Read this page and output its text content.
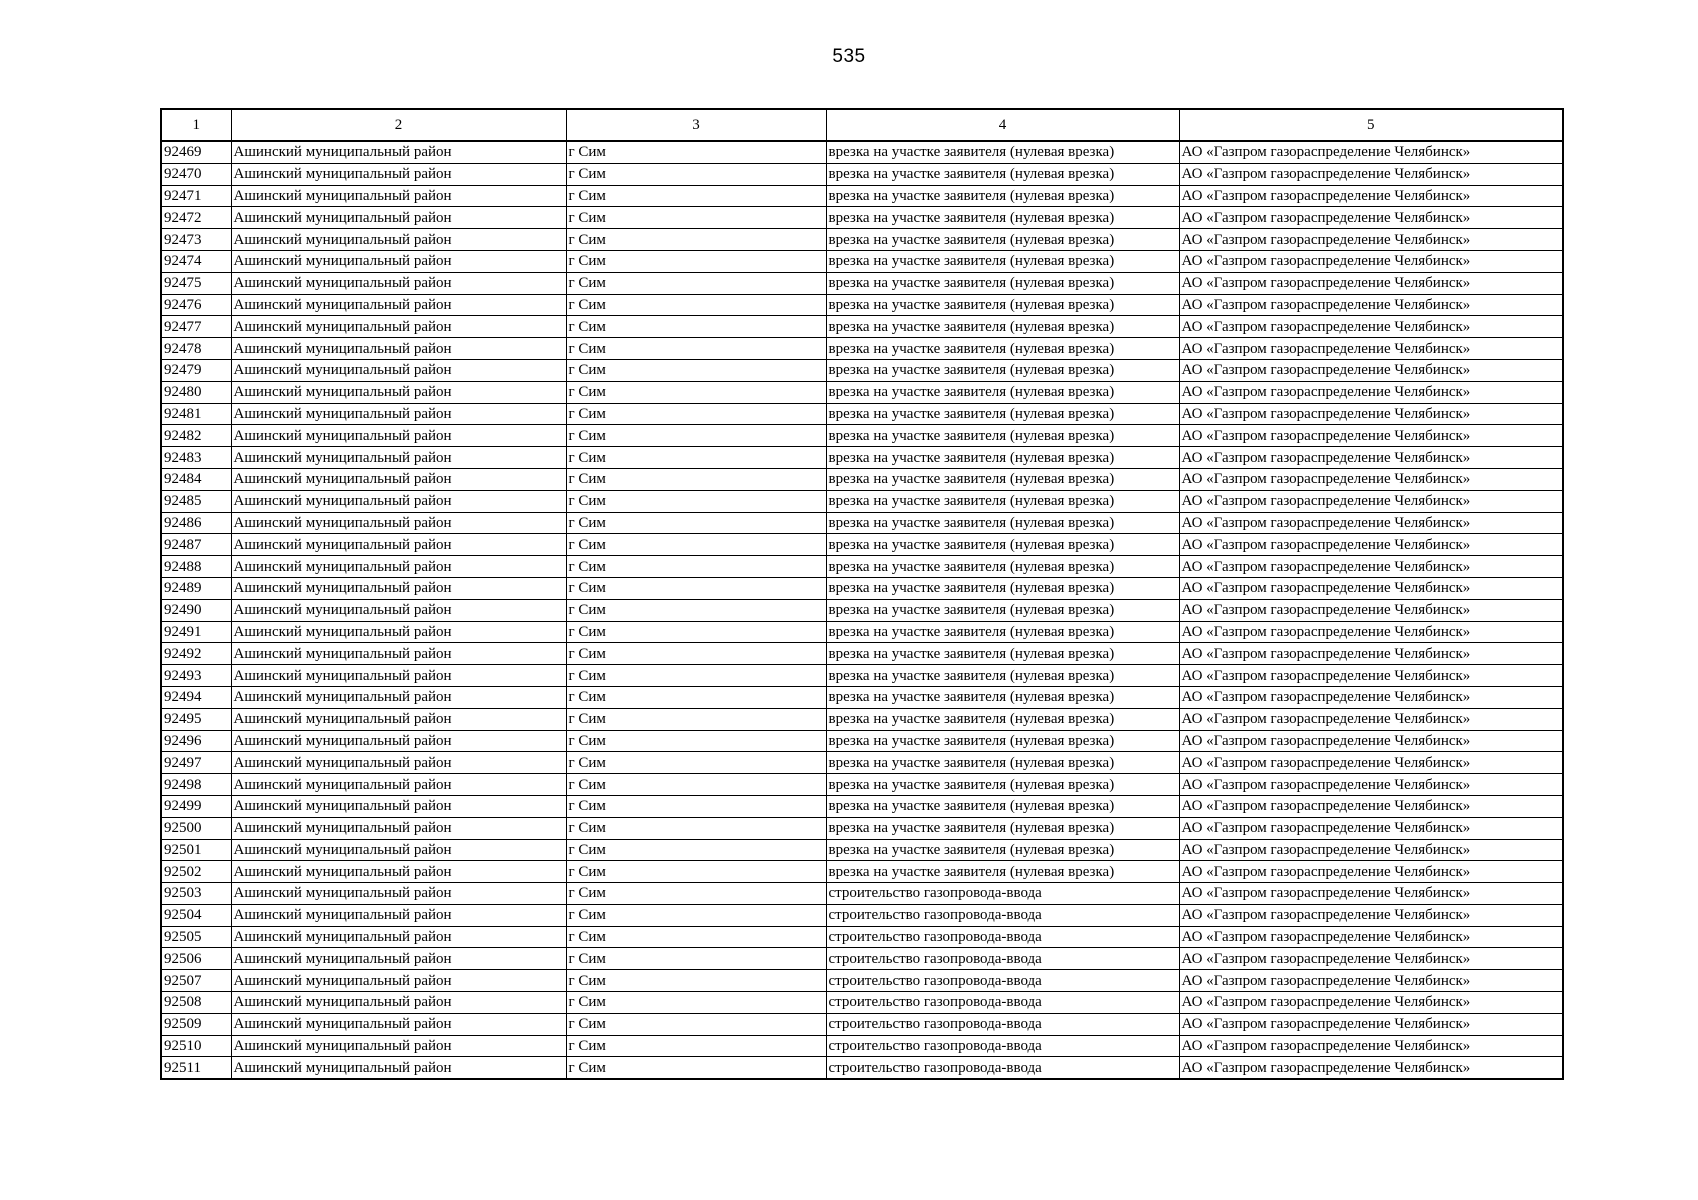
535
1	2	3	4	5
92469	Ашинский муниципальный район	г Сим	врезка на участке заявителя (нулевая врезка)	АО «Газпром газораспределение Челябинск»
92470	Ашинский муниципальный район	г Сим	врезка на участке заявителя (нулевая врезка)	АО «Газпром газораспределение Челябинск»
92471	Ашинский муниципальный район	г Сим	врезка на участке заявителя (нулевая врезка)	АО «Газпром газораспределение Челябинск»
92472	Ашинский муниципальный район	г Сим	врезка на участке заявителя (нулевая врезка)	АО «Газпром газораспределение Челябинск»
92473	Ашинский муниципальный район	г Сим	врезка на участке заявителя (нулевая врезка)	АО «Газпром газораспределение Челябинск»
92474	Ашинский муниципальный район	г Сим	врезка на участке заявителя (нулевая врезка)	АО «Газпром газораспределение Челябинск»
92475	Ашинский муниципальный район	г Сим	врезка на участке заявителя (нулевая врезка)	АО «Газпром газораспределение Челябинск»
92476	Ашинский муниципальный район	г Сим	врезка на участке заявителя (нулевая врезка)	АО «Газпром газораспределение Челябинск»
92477	Ашинский муниципальный район	г Сим	врезка на участке заявителя (нулевая врезка)	АО «Газпром газораспределение Челябинск»
92478	Ашинский муниципальный район	г Сим	врезка на участке заявителя (нулевая врезка)	АО «Газпром газораспределение Челябинск»
92479	Ашинский муниципальный район	г Сим	врезка на участке заявителя (нулевая врезка)	АО «Газпром газораспределение Челябинск»
92480	Ашинский муниципальный район	г Сим	врезка на участке заявителя (нулевая врезка)	АО «Газпром газораспределение Челябинск»
92481	Ашинский муниципальный район	г Сим	врезка на участке заявителя (нулевая врезка)	АО «Газпром газораспределение Челябинск»
92482	Ашинский муниципальный район	г Сим	врезка на участке заявителя (нулевая врезка)	АО «Газпром газораспределение Челябинск»
92483	Ашинский муниципальный район	г Сим	врезка на участке заявителя (нулевая врезка)	АО «Газпром газораспределение Челябинск»
92484	Ашинский муниципальный район	г Сим	врезка на участке заявителя (нулевая врезка)	АО «Газпром газораспределение Челябинск»
92485	Ашинский муниципальный район	г Сим	врезка на участке заявителя (нулевая врезка)	АО «Газпром газораспределение Челябинск»
92486	Ашинский муниципальный район	г Сим	врезка на участке заявителя (нулевая врезка)	АО «Газпром газораспределение Челябинск»
92487	Ашинский муниципальный район	г Сим	врезка на участке заявителя (нулевая врезка)	АО «Газпром газораспределение Челябинск»
92488	Ашинский муниципальный район	г Сим	врезка на участке заявителя (нулевая врезка)	АО «Газпром газораспределение Челябинск»
92489	Ашинский муниципальный район	г Сим	врезка на участке заявителя (нулевая врезка)	АО «Газпром газораспределение Челябинск»
92490	Ашинский муниципальный район	г Сим	врезка на участке заявителя (нулевая врезка)	АО «Газпром газораспределение Челябинск»
92491	Ашинский муниципальный район	г Сим	врезка на участке заявителя (нулевая врезка)	АО «Газпром газораспределение Челябинск»
92492	Ашинский муниципальный район	г Сим	врезка на участке заявителя (нулевая врезка)	АО «Газпром газораспределение Челябинск»
92493	Ашинский муниципальный район	г Сим	врезка на участке заявителя (нулевая врезка)	АО «Газпром газораспределение Челябинск»
92494	Ашинский муниципальный район	г Сим	врезка на участке заявителя (нулевая врезка)	АО «Газпром газораспределение Челябинск»
92495	Ашинский муниципальный район	г Сим	врезка на участке заявителя (нулевая врезка)	АО «Газпром газораспределение Челябинск»
92496	Ашинский муниципальный район	г Сим	врезка на участке заявителя (нулевая врезка)	АО «Газпром газораспределение Челябинск»
92497	Ашинский муниципальный район	г Сим	врезка на участке заявителя (нулевая врезка)	АО «Газпром газораспределение Челябинск»
92498	Ашинский муниципальный район	г Сим	врезка на участке заявителя (нулевая врезка)	АО «Газпром газораспределение Челябинск»
92499	Ашинский муниципальный район	г Сим	врезка на участке заявителя (нулевая врезка)	АО «Газпром газораспределение Челябинск»
92500	Ашинский муниципальный район	г Сим	врезка на участке заявителя (нулевая врезка)	АО «Газпром газораспределение Челябинск»
92501	Ашинский муниципальный район	г Сим	врезка на участке заявителя (нулевая врезка)	АО «Газпром газораспределение Челябинск»
92502	Ашинский муниципальный район	г Сим	врезка на участке заявителя (нулевая врезка)	АО «Газпром газораспределение Челябинск»
92503	Ашинский муниципальный район	г Сим	строительство газопровода-ввода	АО «Газпром газораспределение Челябинск»
92504	Ашинский муниципальный район	г Сим	строительство газопровода-ввода	АО «Газпром газораспределение Челябинск»
92505	Ашинский муниципальный район	г Сим	строительство газопровода-ввода	АО «Газпром газораспределение Челябинск»
92506	Ашинский муниципальный район	г Сим	строительство газопровода-ввода	АО «Газпром газораспределение Челябинск»
92507	Ашинский муниципальный район	г Сим	строительство газопровода-ввода	АО «Газпром газораспределение Челябинск»
92508	Ашинский муниципальный район	г Сим	строительство газопровода-ввода	АО «Газпром газораспределение Челябинск»
92509	Ашинский муниципальный район	г Сим	строительство газопровода-ввода	АО «Газпром газораспределение Челябинск»
92510	Ашинский муниципальный район	г Сим	строительство газопровода-ввода	АО «Газпром газораспределение Челябинск»
92511	Ашинский муниципальный район	г Сим	строительство газопровода-ввода	АО «Газпром газораспределение Челябинск»
